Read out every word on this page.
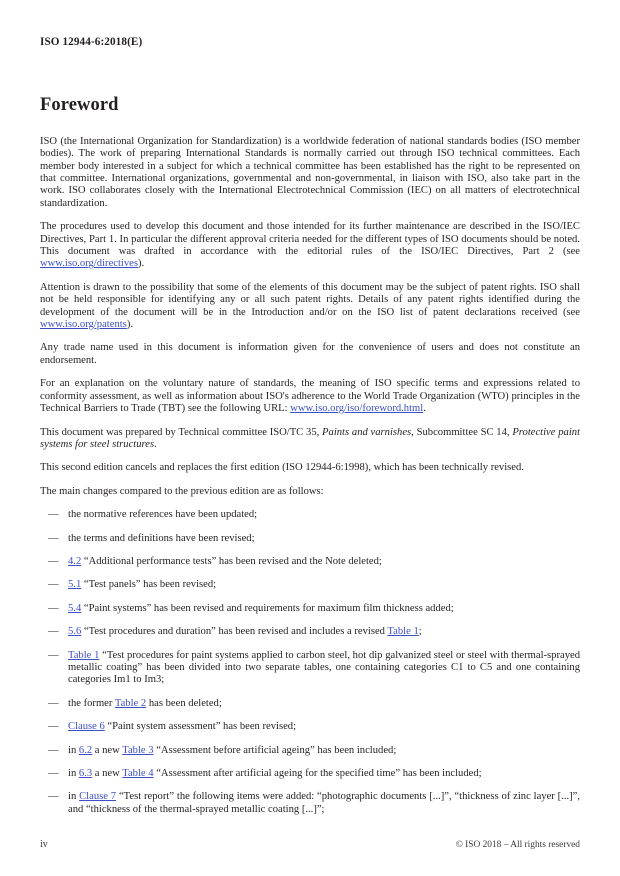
ISO 12944-6:2018(E)
Foreword

ISO (the International Organization for Standardization) is a worldwide federation of national standards bodies (ISO member bodies). The work of preparing International Standards is normally carried out through ISO technical committees. Each member body interested in a subject for which a technical committee has been established has the right to be represented on that committee. International organizations, governmental and non-governmental, in liaison with ISO, also take part in the work. ISO collaborates closely with the International Electrotechnical Commission (IEC) on all matters of electrotechnical standardization.

The procedures used to develop this document and those intended for its further maintenance are described in the ISO/IEC Directives, Part 1. In particular the different approval criteria needed for the different types of ISO documents should be noted. This document was drafted in accordance with the editorial rules of the ISO/IEC Directives, Part 2 (see www.iso.org/directives).

Attention is drawn to the possibility that some of the elements of this document may be the subject of patent rights. ISO shall not be held responsible for identifying any or all such patent rights. Details of any patent rights identified during the development of the document will be in the Introduction and/or on the ISO list of patent declarations received (see www.iso.org/patents).

Any trade name used in this document is information given for the convenience of users and does not constitute an endorsement.

For an explanation on the voluntary nature of standards, the meaning of ISO specific terms and expressions related to conformity assessment, as well as information about ISO's adherence to the World Trade Organization (WTO) principles in the Technical Barriers to Trade (TBT) see the following URL: www.iso.org/iso/foreword.html.

This document was prepared by Technical committee ISO/TC 35, Paints and varnishes, Subcommittee SC 14, Protective paint systems for steel structures.

This second edition cancels and replaces the first edition (ISO 12944-6:1998), which has been technically revised.

The main changes compared to the previous edition are as follows:

— the normative references have been updated;
— the terms and definitions have been revised;
— 4.2 “Additional performance tests” has been revised and the Note deleted;
— 5.1 “Test panels” has been revised;
— 5.4 “Paint systems” has been revised and requirements for maximum film thickness added;
— 5.6 “Test procedures and duration” has been revised and includes a revised Table 1;
— Table 1 “Test procedures for paint systems applied to carbon steel, hot dip galvanized steel or steel with thermal-sprayed metallic coating” has been divided into two separate tables, one containing categories C1 to C5 and one containing categories Im1 to Im3;
— the former Table 2 has been deleted;
— Clause 6 “Paint system assessment” has been revised;
— in 6.2 a new Table 3 “Assessment before artificial ageing” has been included;
— in 6.3 a new Table 4 “Assessment after artificial ageing for the specified time” has been included;
— in Clause 7 “Test report” the following items were added: “photographic documents [...]”, “thickness of zinc layer [...]”, and “thickness of the thermal-sprayed metallic coating [...]”;
iv	© ISO 2018 – All rights reserved
